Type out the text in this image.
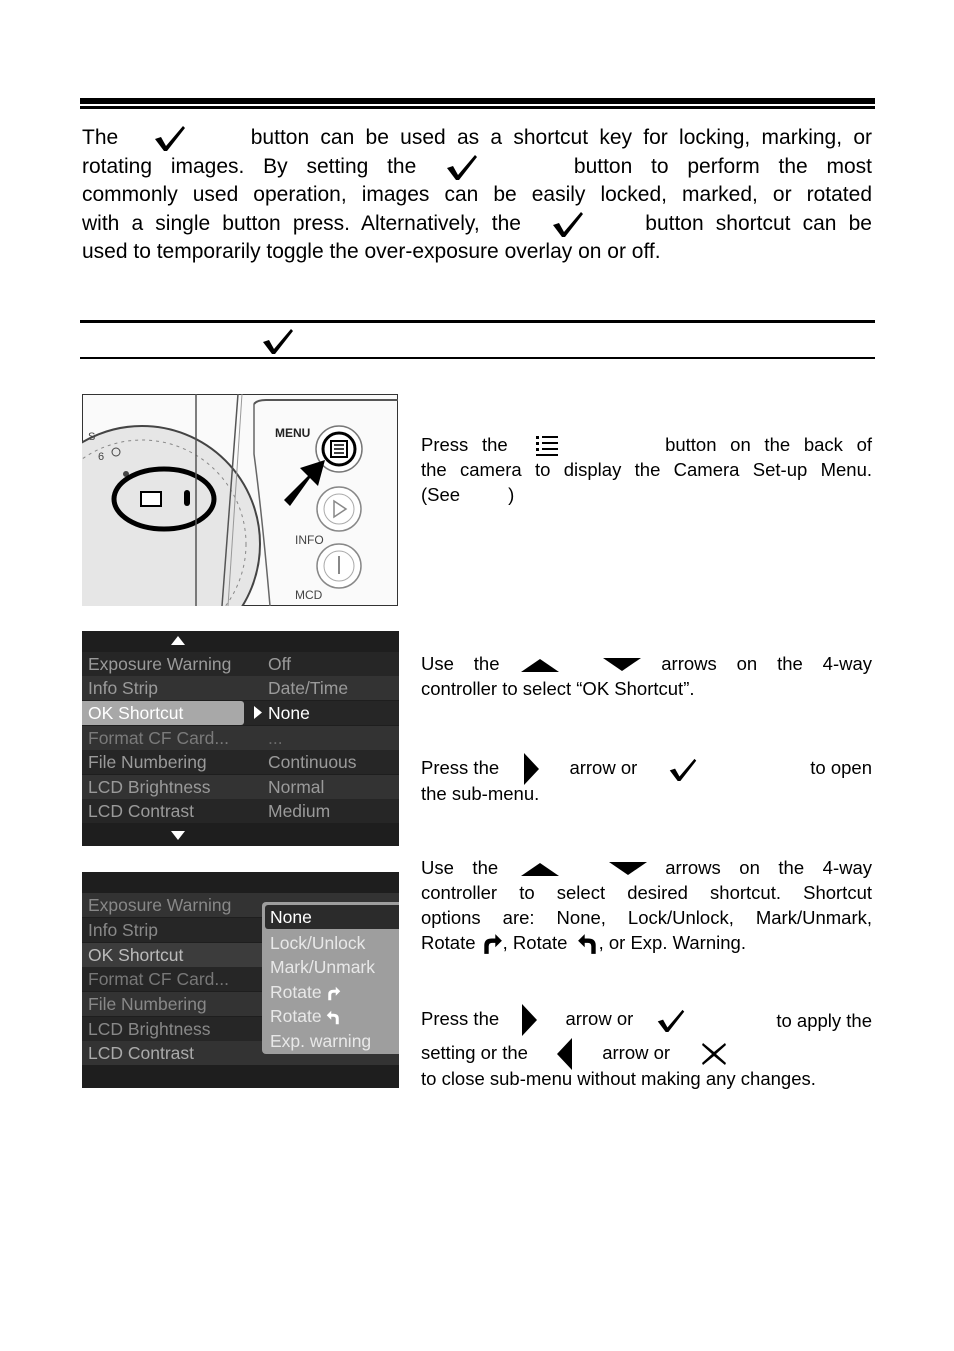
The	button can be used as a shortcut key for locking, marking, or
rotating images. By setting the	button to perform the most
commonly used operation, images can be easily locked, marked, or rotated
with a single button press. Alternatively, the	button shortcut can be
used to temporarily toggle the over-exposure overlay on or off.
S
6
MENU
INFO
MCD
Press the	button on the back of
the camera to display the Camera Set-up Menu.
(See	)
Exposure Warning Off
Info Strip	Date/Time
OK Shortcut	None
Format CF Card... ...
File Numbering	Continuous
LCD Brightness	Normal
LCD Contrast	Medium
Use the	arrows on the 4-way
controller to select “OK Shortcut”.
Press the	arrow or	to open
the sub-menu.
Exposure Warning
Info Strip
OK Shortcut
Format CF Card...
File Numbering
LCD Brightness
LCD Contrast
None
Lock/Unlock
Mark/Unmark
Rotate
Rotate
Exp. warning
Use the	arrows on the 4-way
controller to select desired shortcut. Shortcut
options are: None, Lock/Unlock, Mark/Unmark,
Rotate , Rotate , or Exp. Warning.
Press the	arrow or	to apply the
setting or the	arrow or
to close sub-menu without making any changes.
